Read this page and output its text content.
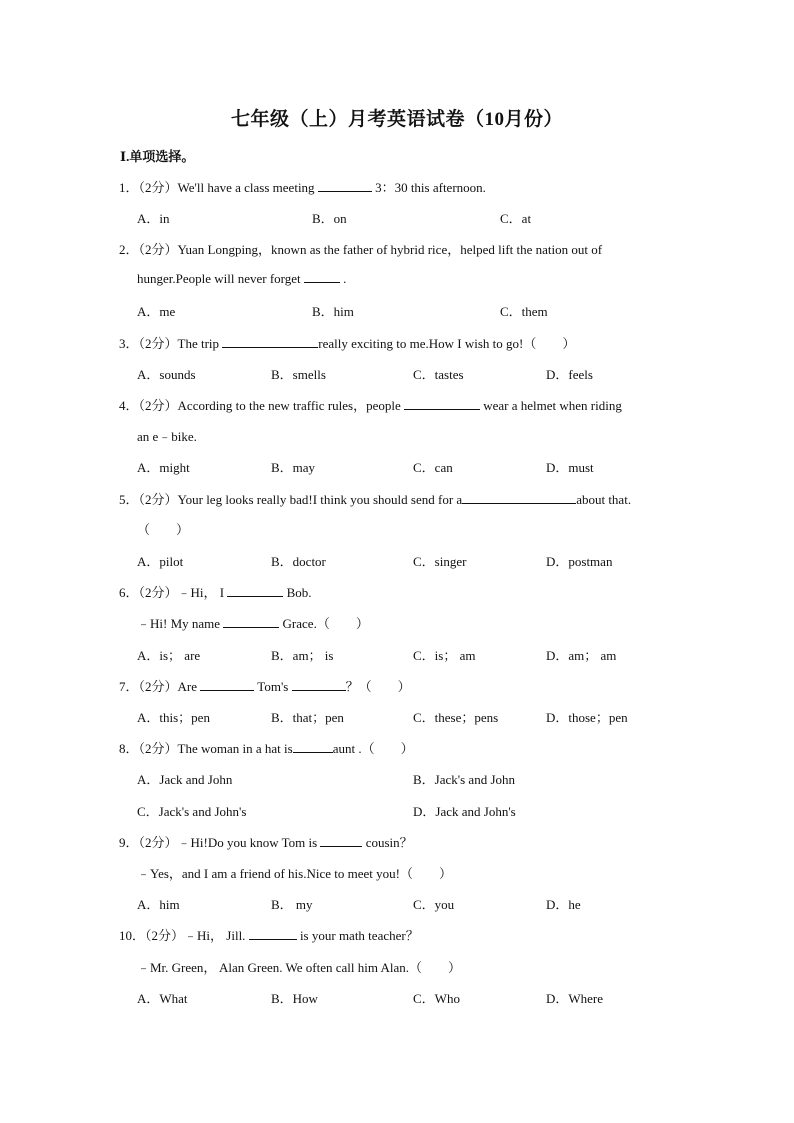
七年级（上）月考英语试卷（10月份）
Ⅰ.单项选择。
1．（2分）We'll have a class meeting	3：30 this afternoon.
A．in	B．on	C．at
2．（2分）Yuan Longping，known as the father of hybrid rice，helped lift the nation out of
hunger.People will never forget	.
A．me	B．him	C．them
3．（2分）The trip	really exciting to me.How I wish to go!（　　）
A．sounds	B．smells	C．tastes	D．feels
4．（2分）According to the new traffic rules，people	wear a helmet when riding
an e﹣bike.
A．might	B．may	C．can	D．must
5．（2分）Your leg looks really bad!I think you should send for a	about that.
（　　）
A．pilot	B．doctor	C．singer	D．postman
6．（2分）﹣Hi， I	Bob.
﹣Hi! My name	Grace.（　　）
A．is； are	B．am； is	C．is； am	D．am； am
7．（2分）Are	Tom's	？（　　）
A．this；pen	B．that；pen	C．these；pens	D．those；pen
8．（2分）The woman in a hat is	aunt .（　　）
A．Jack and John	B．Jack's and John
C．Jack's and John's	D．Jack and John's
9．（2分）﹣Hi!Do you know Tom is	cousin？
﹣Yes，and I am a friend of his.Nice to meet you!（　　）
A．him	B． my	C．you	D．he
10．（2分）﹣Hi， Jill.	is your math teacher？
﹣Mr. Green， Alan Green. We often call him Alan.（　　）
A．What	B．How	C．Who	D．Where
